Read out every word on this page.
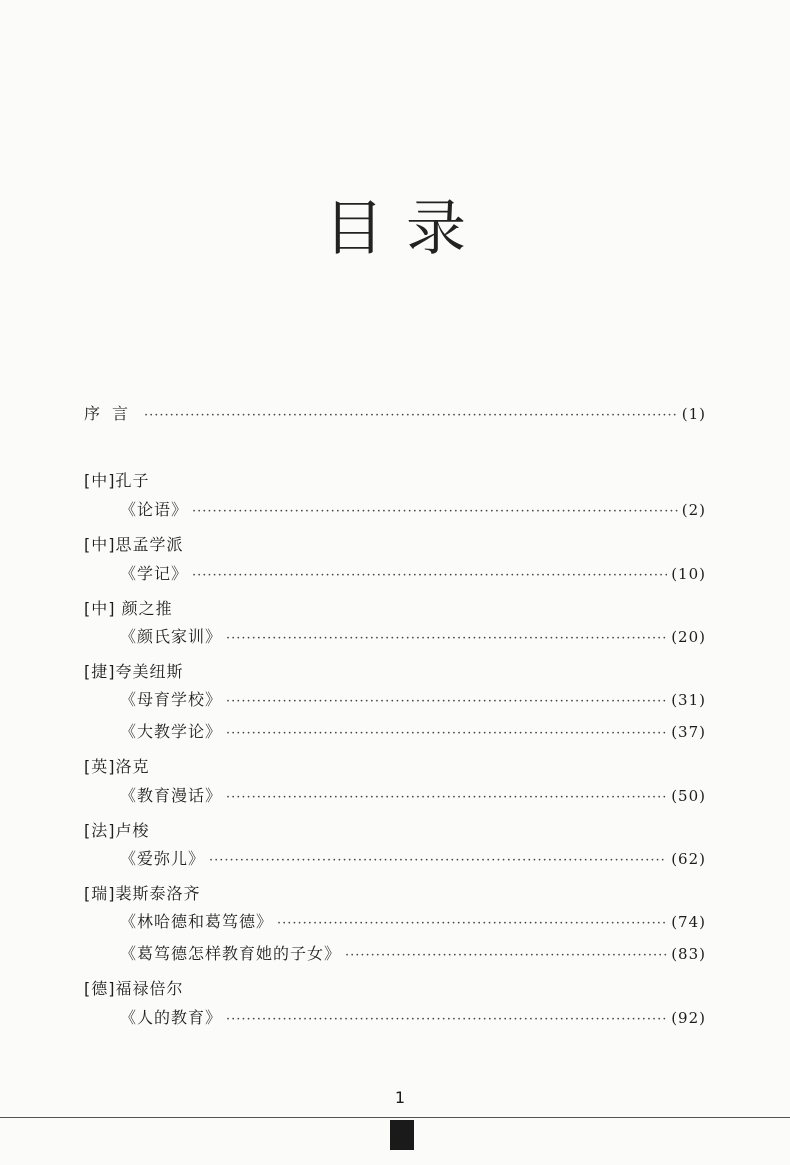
目录
序言 ·····	(1)
[中]孔子
《论语》 ·····	(2)
[中]思孟学派
《学记》 ·····	(10)
[中] 颜之推
《颜氏家训》 ·····	(20)
[捷]夸美纽斯
《母育学校》 ·····	(31)
《大教学论》 ·····	(37)
[英]洛克
《教育漫话》 ·····	(50)
[法]卢梭
《爱弥儿》 ·····	(62)
[瑞]裴斯泰洛齐
《林哈德和葛笃德》 ·····	(74)
《葛笃德怎样教育她的子女》 ·····	(83)
[德]福禄倍尔
《人的教育》 ·····	(92)
1
